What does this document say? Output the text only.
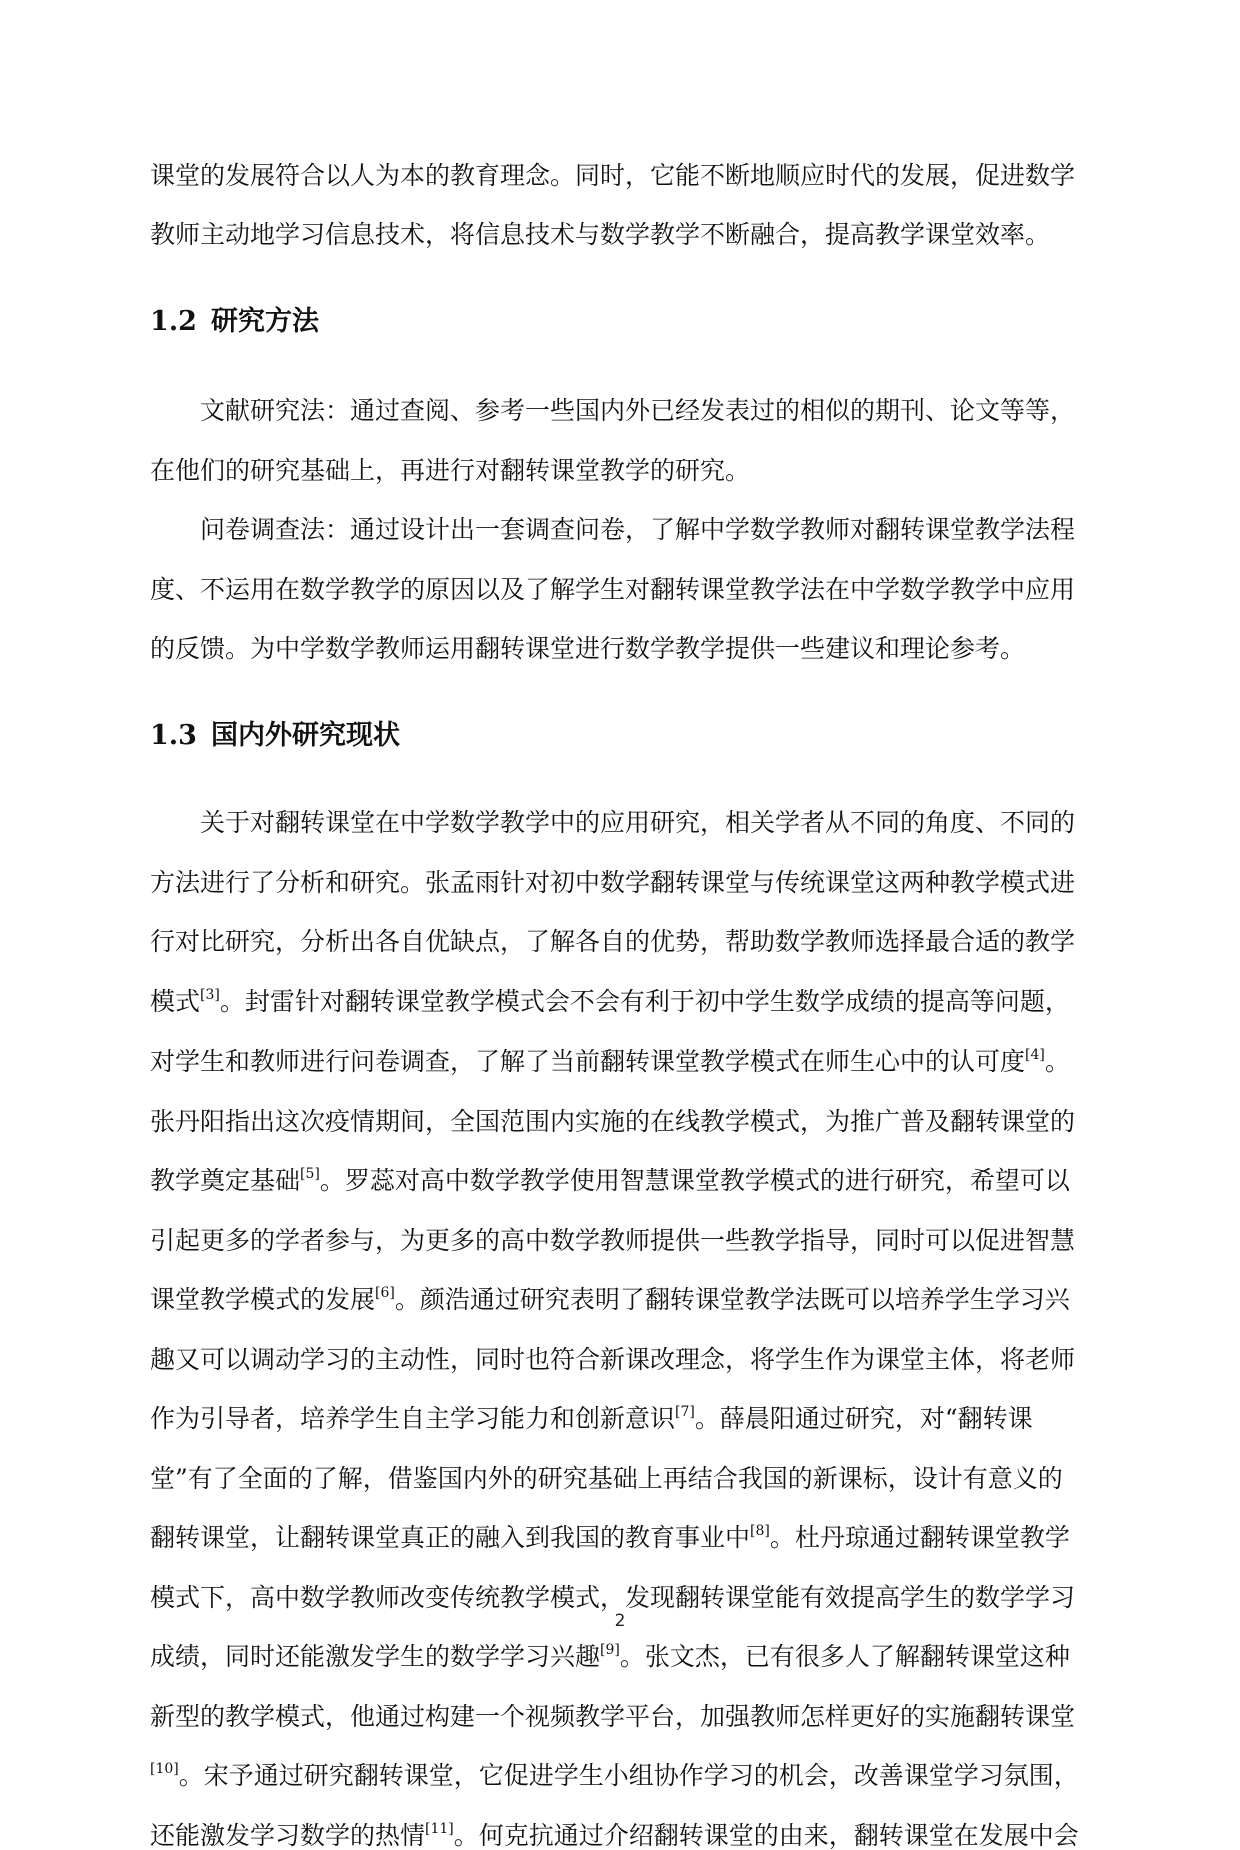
课堂的发展符合以人为本的教育理念。同时，它能不断地顺应时代的发展，促进数学
教师主动地学习信息技术，将信息技术与数学教学不断融合，提高教学课堂效率。
1.2 研究方法
文献研究法：通过查阅、参考一些国内外已经发表过的相似的期刊、论文等等，
在他们的研究基础上，再进行对翻转课堂教学的研究。
问卷调查法：通过设计出一套调查问卷，了解中学数学教师对翻转课堂教学法程
度、不运用在数学教学的原因以及了解学生对翻转课堂教学法在中学数学教学中应用
的反馈。为中学数学教师运用翻转课堂进行数学教学提供一些建议和理论参考。
1.3 国内外研究现状
关于对翻转课堂在中学数学教学中的应用研究，相关学者从不同的角度、不同的
方法进行了分析和研究。张孟雨针对初中数学翻转课堂与传统课堂这两种教学模式进
行对比研究，分析出各自优缺点，了解各自的优势，帮助数学教师选择最合适的教学
模式[3]。封雷针对翻转课堂教学模式会不会有利于初中学生数学成绩的提高等问题，
对学生和教师进行问卷调查，了解了当前翻转课堂教学模式在师生心中的认可度[4]。
张丹阳指出这次疫情期间，全国范围内实施的在线教学模式，为推广普及翻转课堂的
教学奠定基础[5]。罗蕊对高中数学教学使用智慧课堂教学模式的进行研究，希望可以
引起更多的学者参与，为更多的高中数学教师提供一些教学指导，同时可以促进智慧
课堂教学模式的发展[6]。颜浩通过研究表明了翻转课堂教学法既可以培养学生学习兴
趣又可以调动学习的主动性，同时也符合新课改理念，将学生作为课堂主体，将老师
作为引导者，培养学生自主学习能力和创新意识[7]。薛晨阳通过研究，对“翻转课
堂”有了全面的了解，借鉴国内外的研究基础上再结合我国的新课标，设计有意义的
翻转课堂，让翻转课堂真正的融入到我国的教育事业中[8]。杜丹琼通过翻转课堂教学
模式下，高中数学教师改变传统教学模式，发现翻转课堂能有效提高学生的数学学习
成绩，同时还能激发学生的数学学习兴趣[9]。张文杰，已有很多人了解翻转课堂这种
新型的教学模式，他通过构建一个视频教学平台，加强教师怎样更好的实施翻转课堂
[10]。宋予通过研究翻转课堂，它促进学生小组协作学习的机会，改善课堂学习氛围，
还能激发学习数学的热情[11]。何克抗通过介绍翻转课堂的由来，翻转课堂在发展中会
2
